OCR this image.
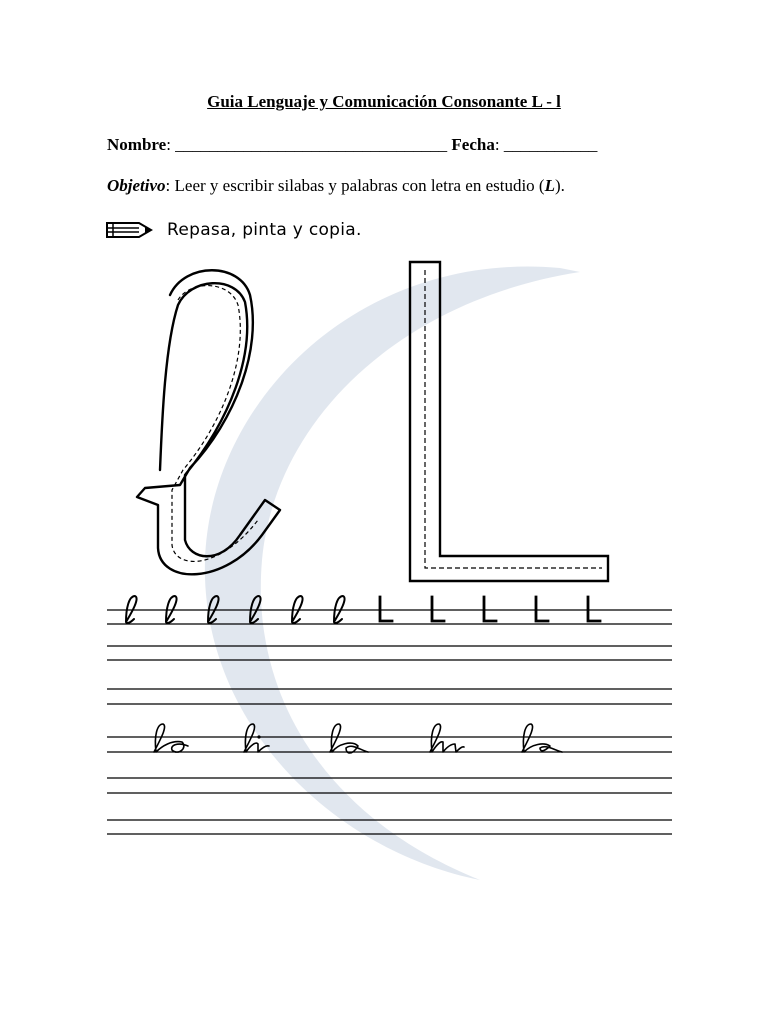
Guia Lenguaje y Comunicación Consonante L - l
Nombre: ________________________________ Fecha: ___________
Objetivo: Leer y escribir silabas y palabras con letra en estudio (L).
Repasa, pinta y copia.
